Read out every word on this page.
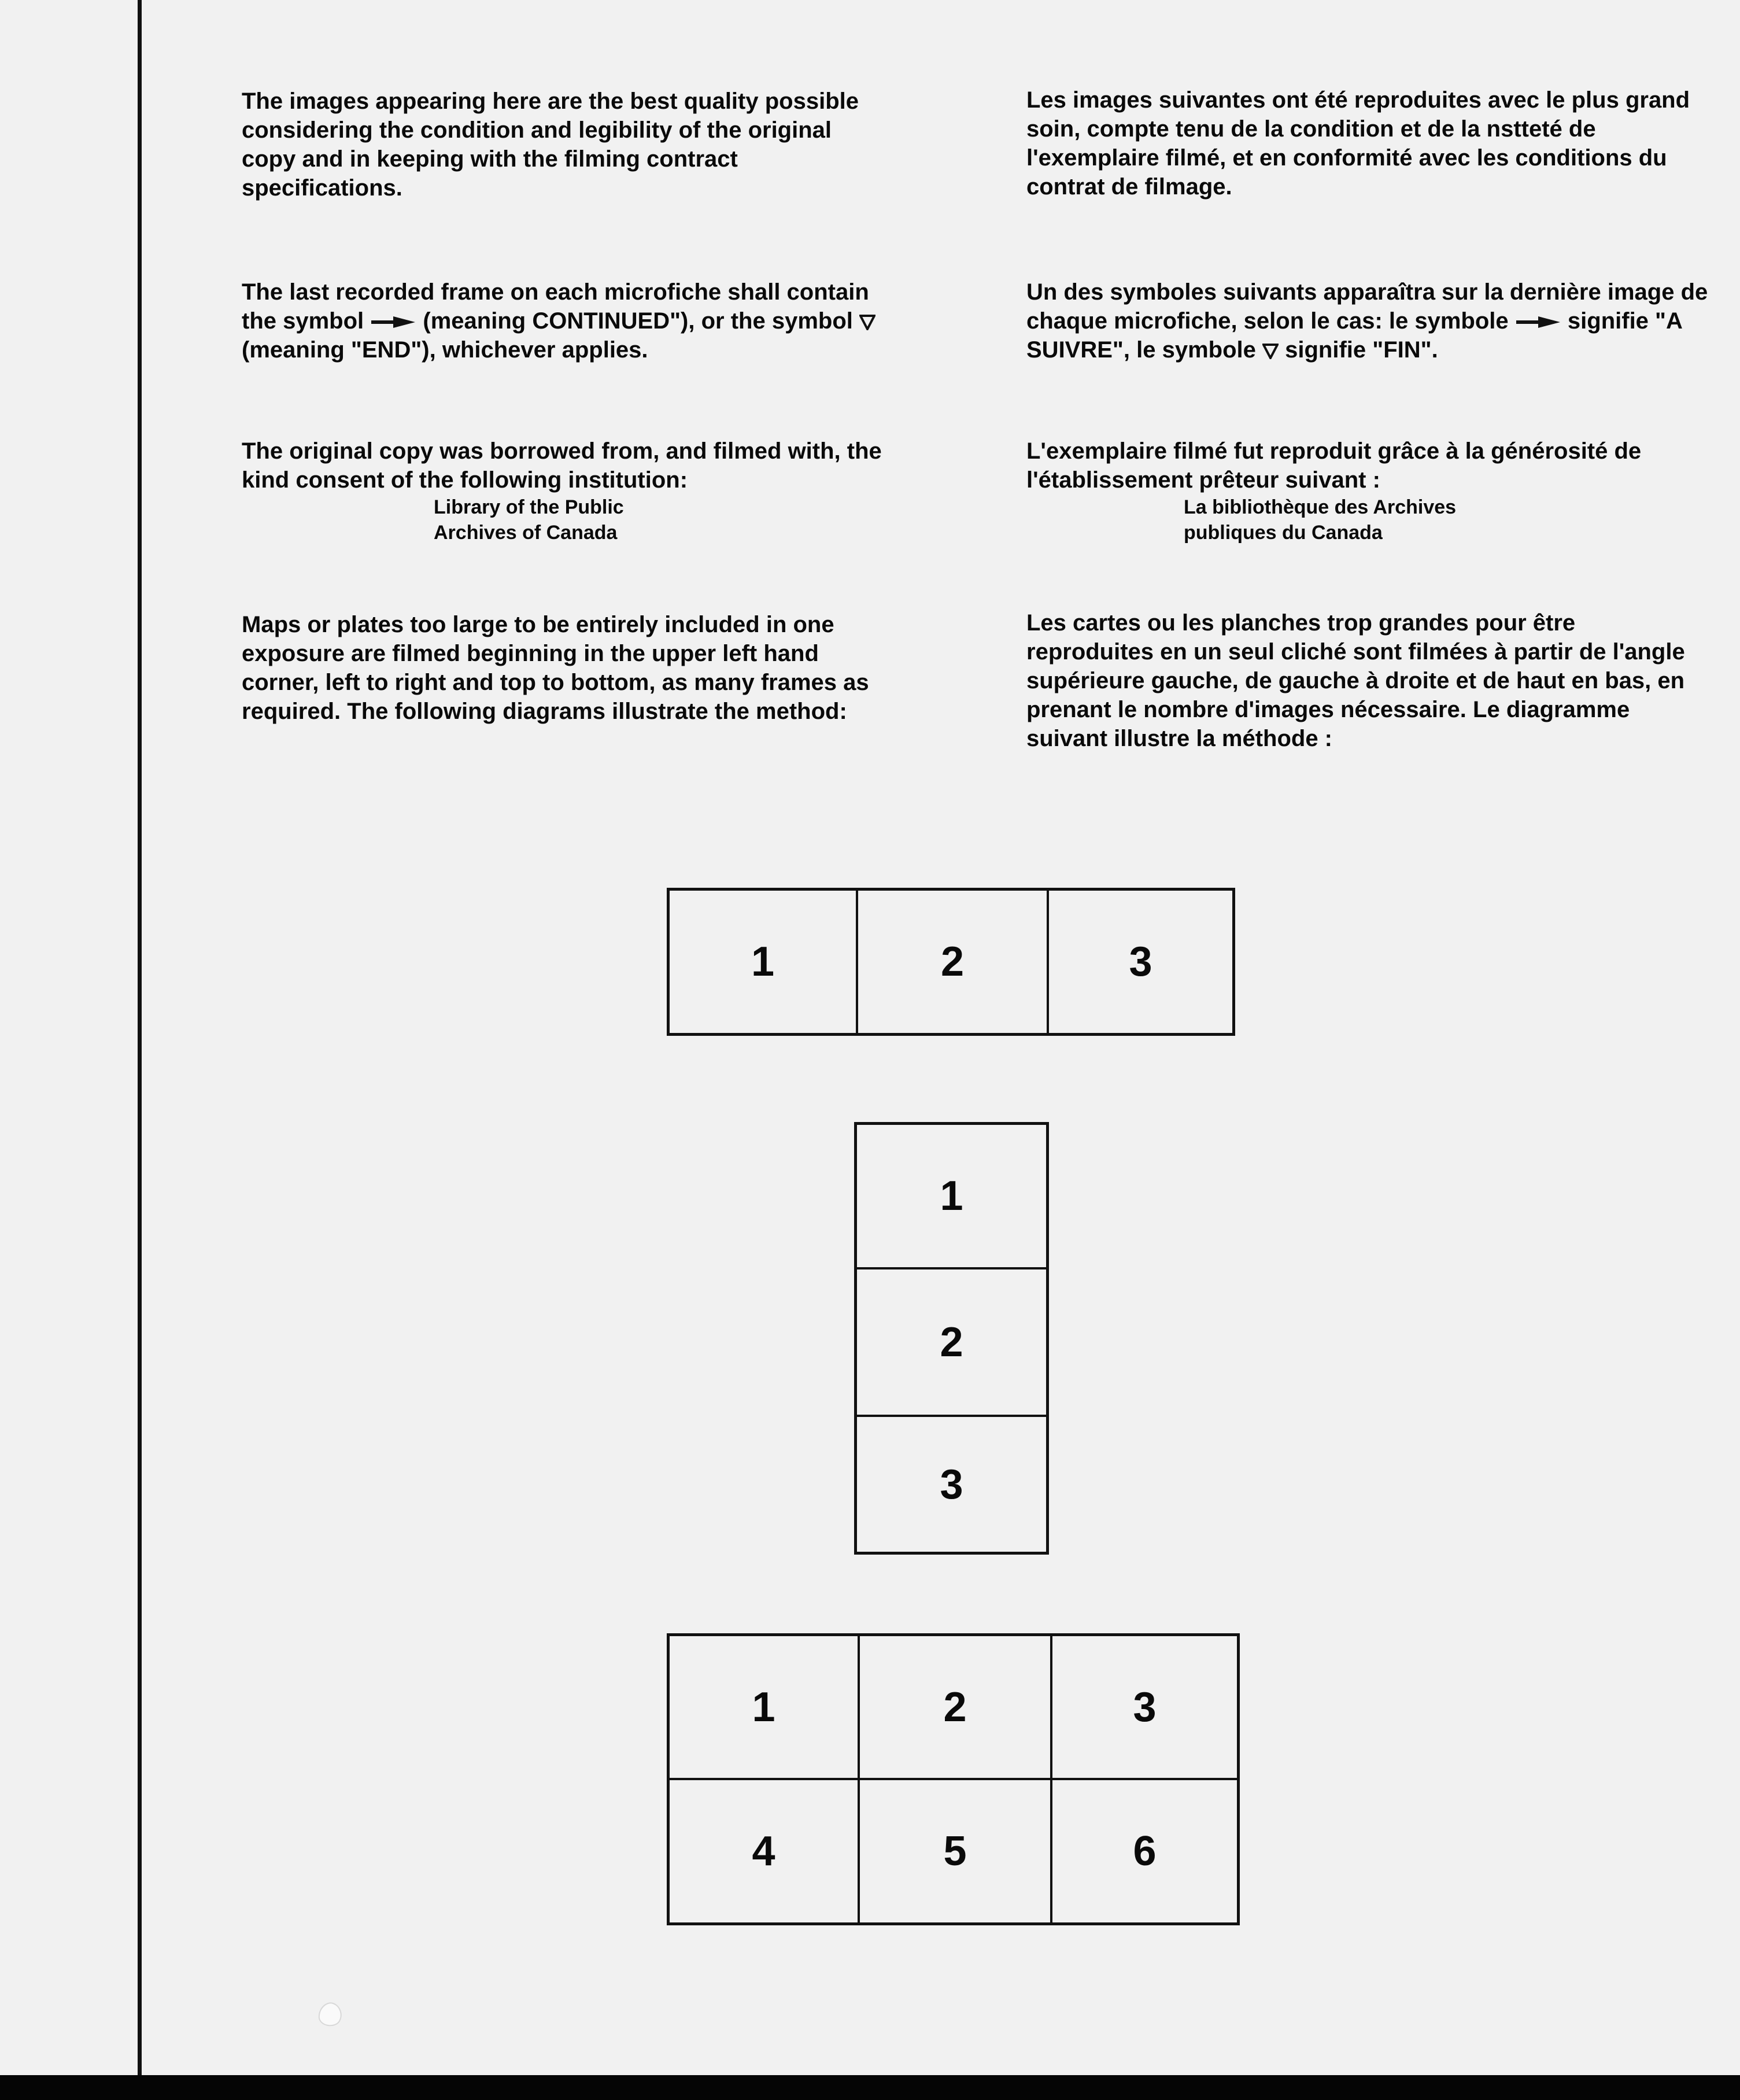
The images appearing here are the best quality possible considering the condition and legibility of the original copy and in keeping with the filming contract specifications.

The last recorded frame on each microfiche shall contain the symbol	(meaning CONTINUED"), or the symbol  (meaning "END"), whichever applies.

The original copy was borrowed from, and filmed with, the kind consent of the following institution:

Library of the Public
Archives of Canada

Maps or plates too large to be entirely included in one exposure are filmed beginning in the upper left hand corner, left to right and top to bottom, as many frames as required. The following diagrams illustrate the method:

Les images suivantes ont été reproduites avec le plus grand soin, compte tenu de la condition et de la nstteté de l'exemplaire filmé, et en conformité avec les conditions du contrat de filmage.

Un des symboles suivants apparaîtra sur la dernière image de chaque microfiche, selon le cas: le symbole	signifie "A SUIVRE", le symbole signifie "FIN".

L'exemplaire filmé fut reproduit grâce à la générosité de l'établissement prêteur suivant :

La bibliothèque des Archives
publiques du Canada

Les cartes ou les planches trop grandes pour être reproduites en un seul cliché sont filmées à partir de l'angle supérieure gauche, de gauche à droite et de haut en bas, en prenant le nombre d'images nécessaire. Le diagramme suivant illustre la méthode :

1	2	3
1
2
3
1	2	3
4	5	6
